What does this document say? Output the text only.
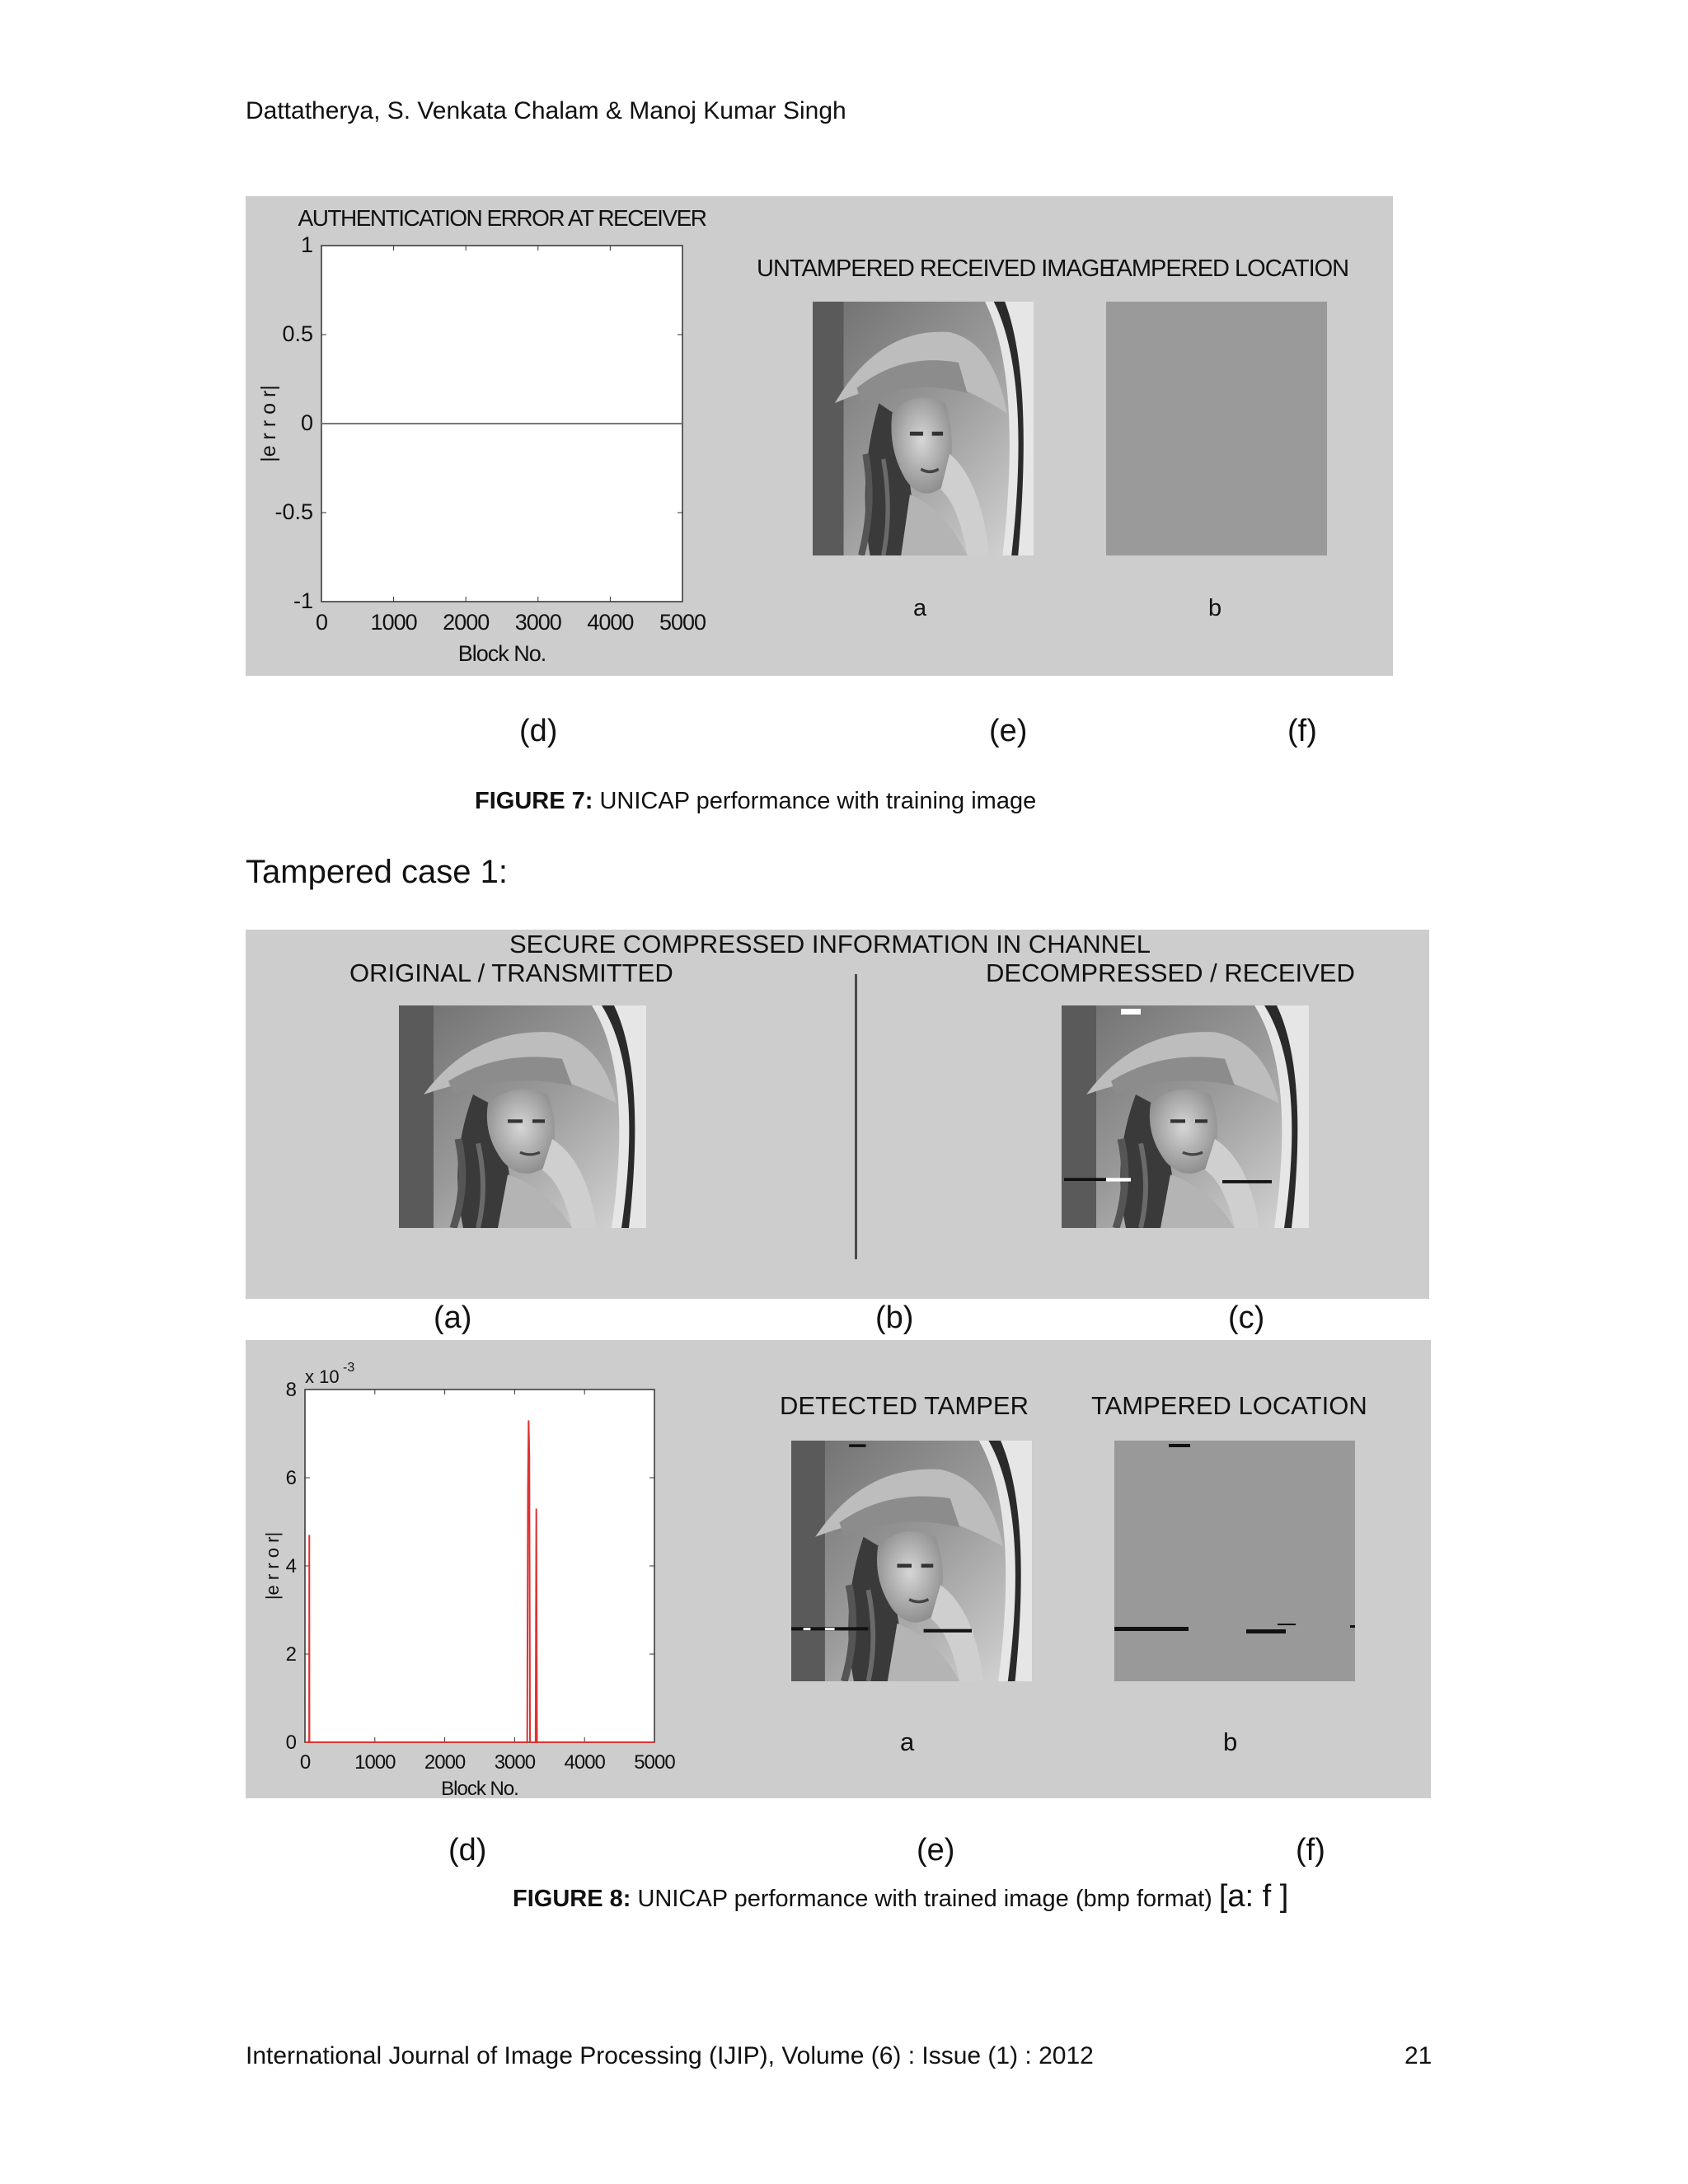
Dattatherya, S. Venkata Chalam & Manoj Kumar Singh
0 1000 2000 3000 4000 5000
1
0.5
0
-0.5
-1
AUTHENTICATION ERROR AT RECEIVER
Block No.
|e r r o r|
UNTAMPERED RECEIVED IMAGE
TAMPERED LOCATION
a	b
(d)	(e)	(f)
FIGURE 7: UNICAP performance with training image
Tampered case 1:
SECURE COMPRESSED INFORMATION IN CHANNEL
ORIGINAL / TRANSMITTED	DECOMPRESSED / RECEIVED
(a)	(b)	(c)
0 1000 2000 3000 4000 5000
8
6
4
2
0
Block No.
|e r r o r|
x 10 -3
DETECTED TAMPER TAMPERED LOCATION
a	b
(d)	(e)	(f)
FIGURE 8: UNICAP performance with trained image (bmp format) [a: f ]
International Journal of Image Processing (IJIP), Volume (6) : Issue (1) : 2012	21
